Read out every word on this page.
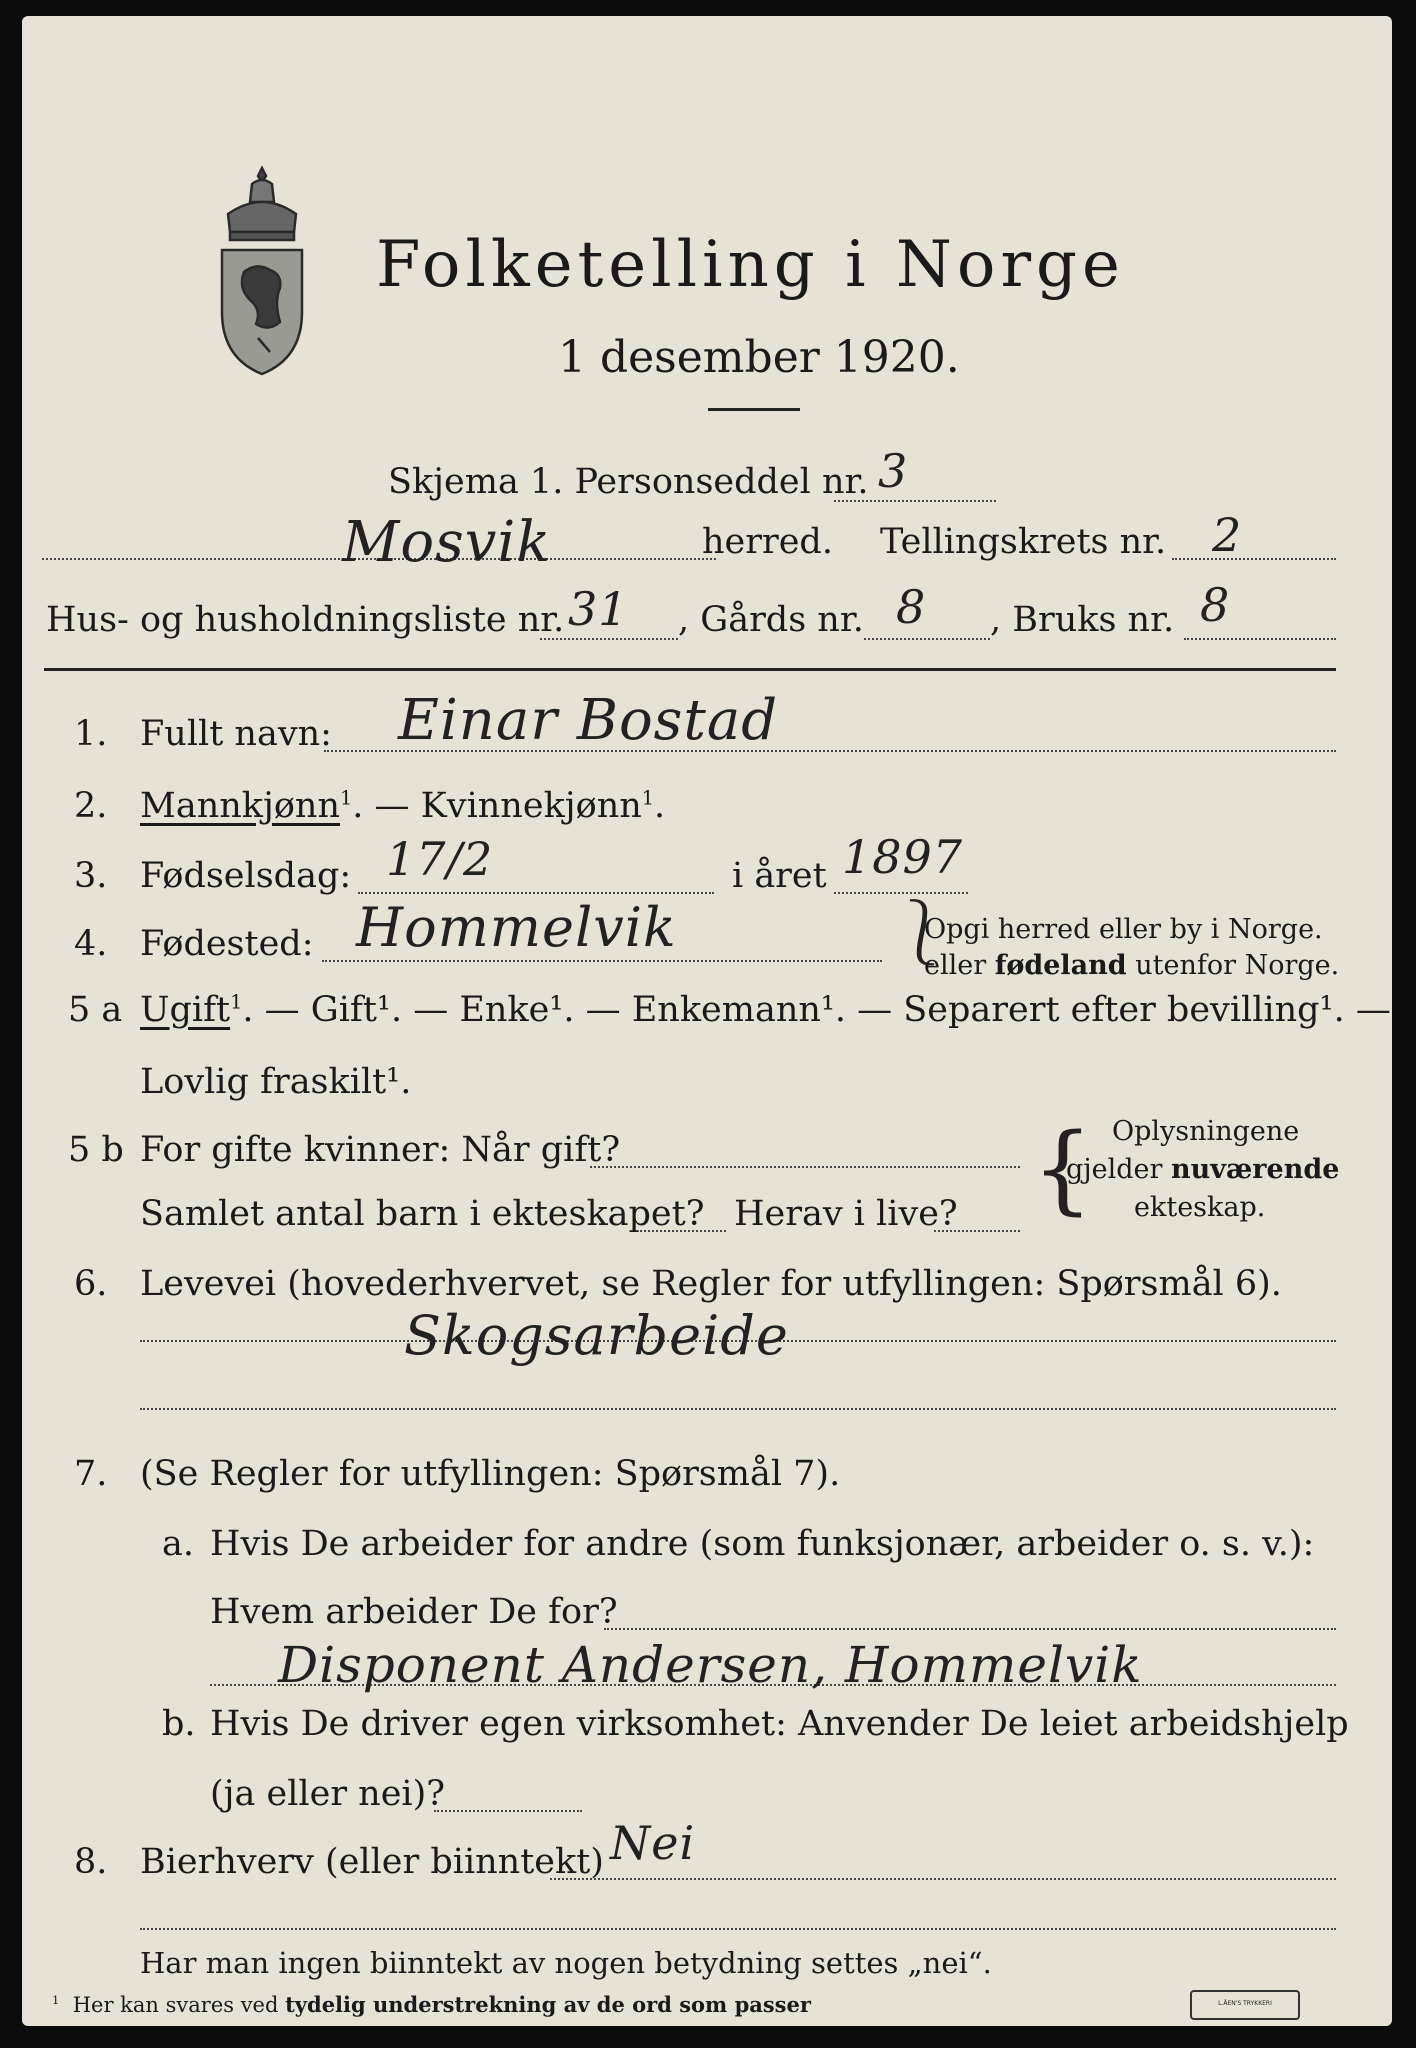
Folketelling i Norge
1 desember 1920.
Skjema 1. Personseddel nr. 3
Mosvik	herred. Tellingskrets nr. 2
Hus- og husholdningsliste nr. 31 , Gårds nr. 8 , Bruks nr. 8
1. Fullt navn: Einar Bostad
2. Mannkjønn$^1$. — Kvinnekjønn$^1$.
3. Fødselsdag: 17/2	i året 1897
4. Fødested: Hommelvik	⎱
Opgi herred eller by i Norge.
eller fødeland utenfor Norge.
5 a Ugift$^1$. — Gift¹. — Enke¹. — Enkemann¹. — Separert efter bevilling¹. —
Lovlig fraskilt¹.
5 b For gifte kvinner: Når gift?
Samlet antal barn i ekteskapet? Herav i live? { Oplysningene
gjelder nuværende
ekteskap.
6. Levevei (hovederhvervet, se Regler for utfyllingen: Spørsmål 6).
Skogsarbeide
7. (Se Regler for utfyllingen: Spørsmål 7).
a. Hvis De arbeider for andre (som funksjonær, arbeider o. s. v.):
Hvem arbeider De for?
Disponent Andersen, Hommelvik
b. Hvis De driver egen virksomhet: Anvender De leiet arbeidshjelp
(ja eller nei)?
8. Bierhverv (eller biinntekt) Nei
Har man ingen biinntekt av nogen betydning settes „nei“.
$^1$ Her kan svares ved tydelig understrekning av de ord som passer	L.ÅEN'S TRYKKERI
